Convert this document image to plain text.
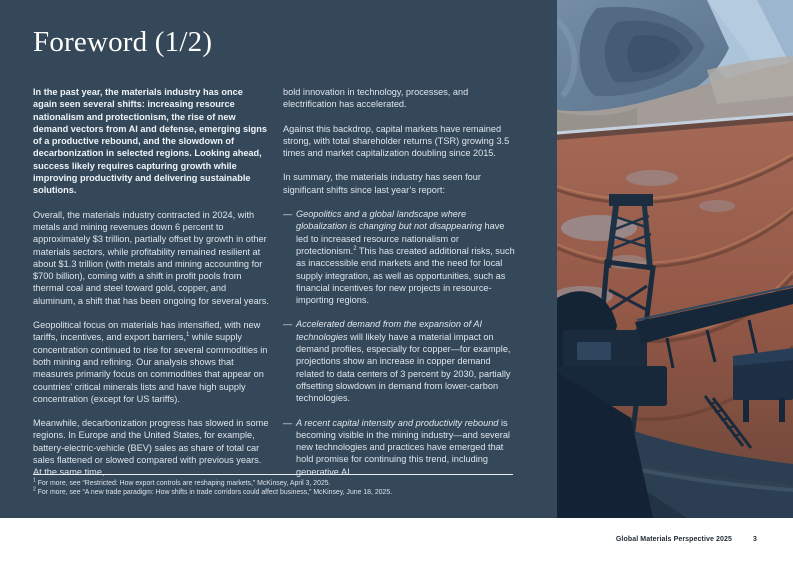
Foreword (1/2)

In the past year, the materials industry has once again seen several shifts: increasing resource nationalism and protectionism, the rise of new demand vectors from AI and defense, emerging signs of a productive rebound, and the slowdown of decarbonization in selected regions. Looking ahead, success likely requires capturing growth while improving productivity and delivering sustainable solutions.

Overall, the materials industry contracted in 2024, with metals and mining revenues down 6 percent to approximately $3 trillion, partially offset by growth in other materials sectors, while profitability remained resilient at about $1.3 trillion (with metals and mining accounting for $700 billion), coming with a shift in profit pools from thermal coal and steel toward gold, copper, and aluminum, a shift that has been ongoing for several years.

Geopolitical focus on materials has intensified, with new tariffs, incentives, and export barriers,$^1$ while supply concentration continued to rise for several commodities in both mining and refining. Our analysis shows that measures primarily focus on commodities that appear on countries’ critical minerals lists and have high supply concentration (except for US tariffs).

Meanwhile, decarbonization progress has slowed in some regions. In Europe and the United States, for example, battery-electric-vehicle (BEV) sales as share of total car sales flattened or slowed compared with previous years. At the same time,

bold innovation in technology, processes, and electrification has accelerated.

Against this backdrop, capital markets have remained strong, with total shareholder returns (TSR) growing 3.5 times and market capitalization doubling since 2015.

In summary, the materials industry has seen four significant shifts since last year’s report:

— Geopolitics and a global landscape where globalization is changing but not disappearing have led to increased resource nationalism or protectionism.$^2$ This has created additional risks, such as inaccessible end markets and the need for local supply integration, as well as opportunities, such as financial incentives for new projects in resource-importing regions.
— Accelerated demand from the expansion of AI technologies will likely have a material impact on demand profiles, especially for copper—for example, projections show an increase in copper demand related to data centers of 3 percent by 2030, partially offsetting slowdown in demand from lower-carbon technologies.
— A recent capital intensity and productivity rebound is becoming visible in the mining industry—and several new technologies and practices have emerged that hold promise for continuing this trend, including generative AI.

$^1$ For more, see “Restricted: How export controls are reshaping markets,” McKinsey, April 3, 2025.

$^2$ For more, see “A new trade paradigm: How shifts in trade corridors could affect business,” McKinsey, June 18, 2025.

Global Materials Perspective 2025	3
